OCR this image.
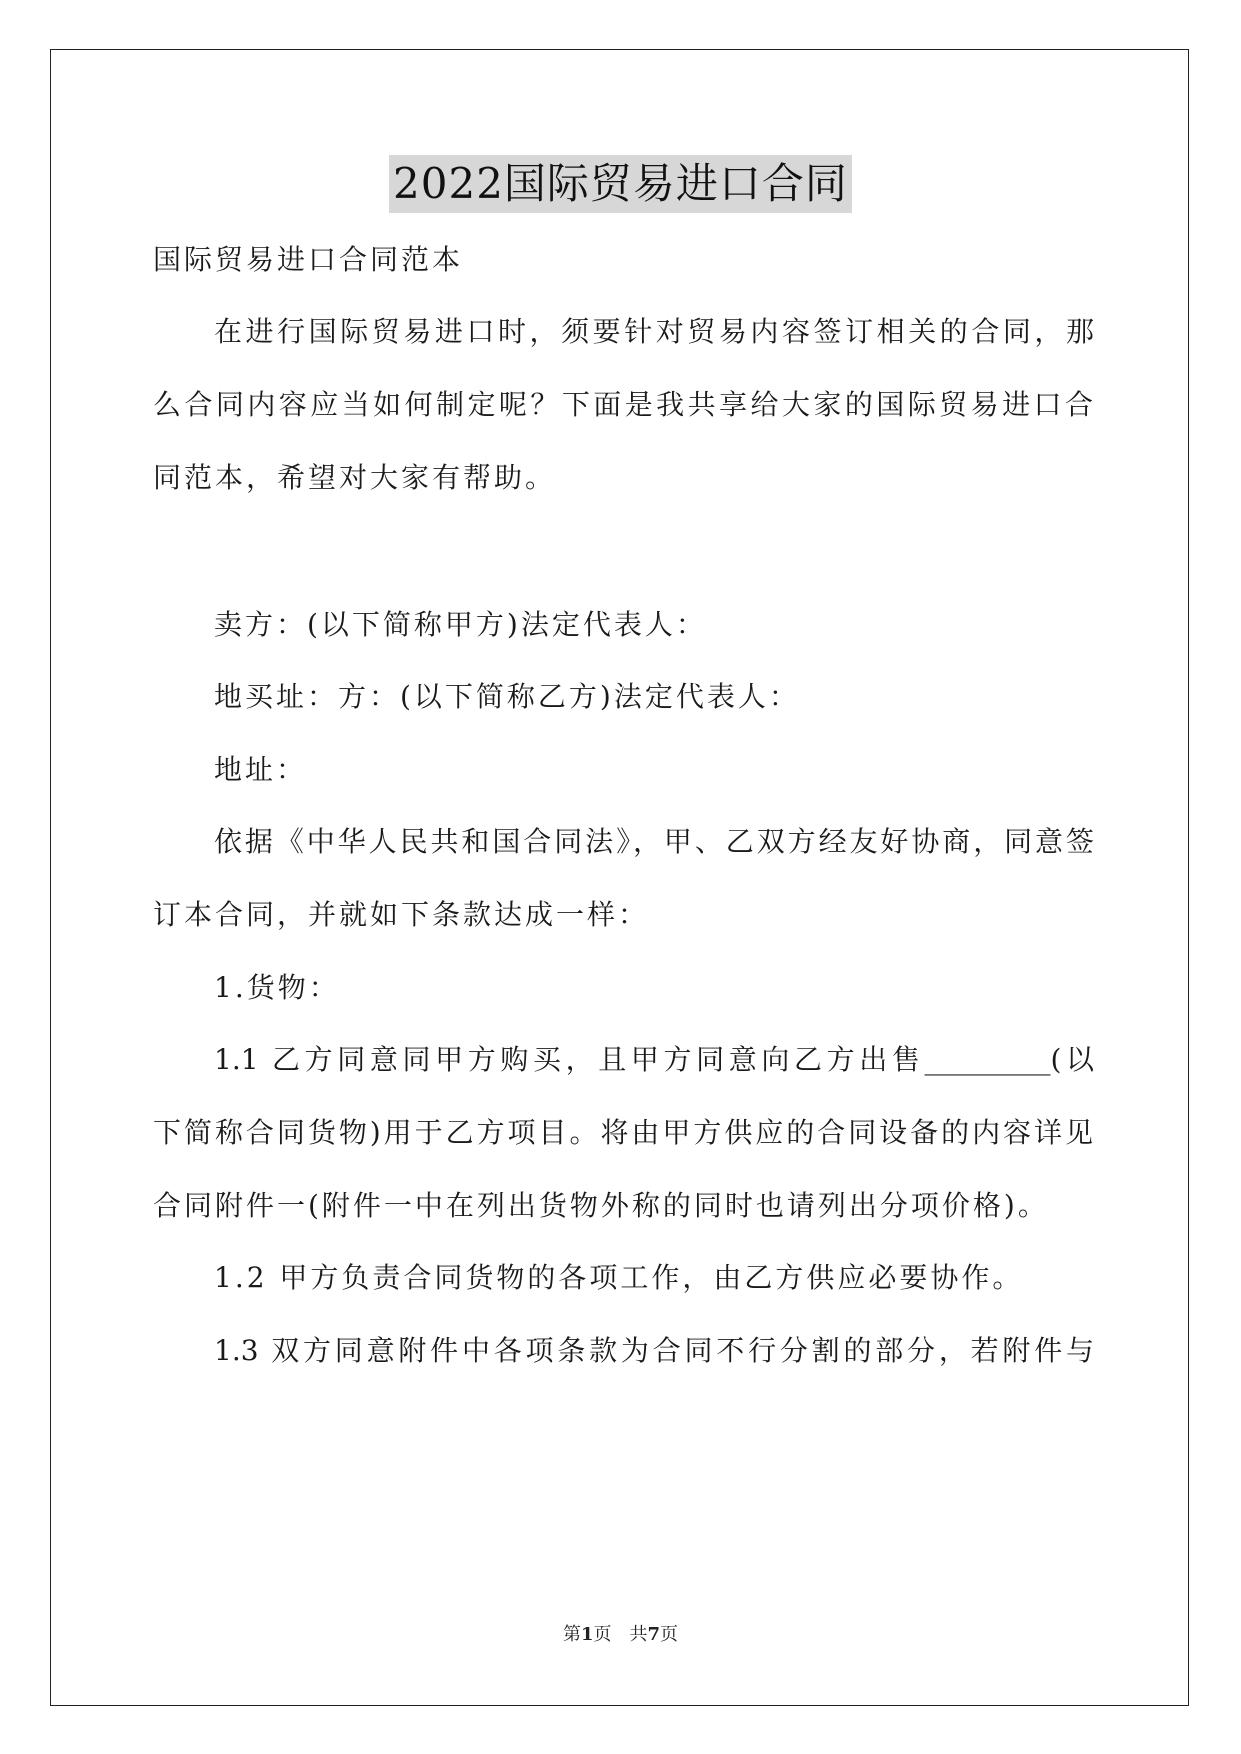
2022国际贸易进口合同
国际贸易进口合同范本
在进行国际贸易进口时，须要针对贸易内容签订相关的合同，那
么合同内容应当如何制定呢？下面是我共享给大家的国际贸易进口合
同范本，希望对大家有帮助。
卖方：(以下简称甲方)法定代表人：
地买址：方：(以下简称乙方)法定代表人：
地址：
依据《中华人民共和国合同法》，甲、乙双方经友好协商，同意签
订本合同，并就如下条款达成一样：
1.货物：
1.1 乙方同意同甲方购买，且甲方同意向乙方出售_________(以
下简称合同货物)用于乙方项目。将由甲方供应的合同设备的内容详见
合同附件一(附件一中在列出货物外称的同时也请列出分项价格)。
1.2 甲方负责合同货物的各项工作，由乙方供应必要协作。
1.3 双方同意附件中各项条款为合同不行分割的部分，若附件与
第1页　共7页
